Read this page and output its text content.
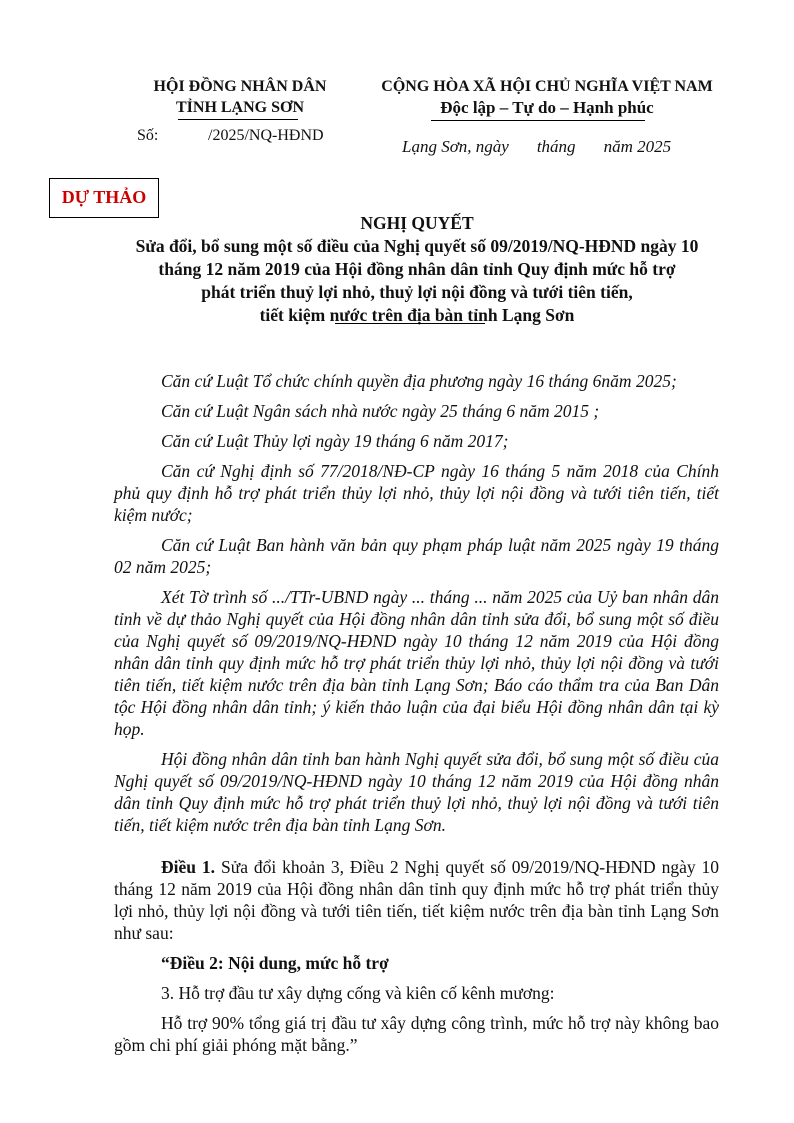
HỘI ĐỒNG NHÂN DÂN
TỈNH LẠNG SƠN
Số:	/2025/NQ-HĐND
CỘNG HÒA XÃ HỘI CHỦ NGHĨA VIỆT NAM
Độc lập – Tự do – Hạnh phúc
Lạng Sơn, ngày tháng năm 2025
DỰ THẢO
NGHỊ QUYẾT
Sửa đổi, bổ sung một số điều của Nghị quyết số 09/2019/NQ-HĐND ngày 10
tháng 12 năm 2019 của Hội đồng nhân dân tỉnh Quy định mức hỗ trợ
phát triển thuỷ lợi nhỏ, thuỷ lợi nội đồng và tưới tiên tiến,
tiết kiệm nước trên địa bàn tỉnh Lạng Sơn

Căn cứ Luật Tổ chức chính quyền địa phương ngày 16 tháng 6năm 2025;

Căn cứ Luật Ngân sách nhà nước ngày 25 tháng 6 năm 2015 ;

Căn cứ Luật Thủy lợi ngày 19 tháng 6 năm 2017;

Căn cứ Nghị định số 77/2018/NĐ-CP ngày 16 tháng 5 năm 2018 của Chính phủ quy định hỗ trợ phát triển thủy lợi nhỏ, thủy lợi nội đồng và tưới tiên tiến, tiết kiệm nước;

Căn cứ Luật Ban hành văn bản quy phạm pháp luật năm 2025 ngày 19 tháng 02 năm 2025;

Xét Tờ trình số .../TTr-UBND ngày ... tháng ... năm 2025 của Uỷ ban nhân dân tỉnh về dự thảo Nghị quyết của Hội đồng nhân dân tỉnh sửa đổi, bổ sung một số điều của Nghị quyết số 09/2019/NQ-HĐND ngày 10 tháng 12 năm 2019 của Hội đồng nhân dân tỉnh quy định mức hỗ trợ phát triển thủy lợi nhỏ, thủy lợi nội đồng và tưới tiên tiến, tiết kiệm nước trên địa bàn tỉnh Lạng Sơn; Báo cáo thẩm tra của Ban Dân tộc Hội đồng nhân dân tỉnh; ý kiến thảo luận của đại biểu Hội đồng nhân dân tại kỳ họp.

Hội đồng nhân dân tỉnh ban hành Nghị quyết sửa đổi, bổ sung một số điều của Nghị quyết số 09/2019/NQ-HĐND ngày 10 tháng 12 năm 2019 của Hội đồng nhân dân tỉnh Quy định mức hỗ trợ phát triển thuỷ lợi nhỏ, thuỷ lợi nội đồng và tưới tiên tiến, tiết kiệm nước trên địa bàn tỉnh Lạng Sơn.

Điều 1. Sửa đổi khoản 3, Điều 2 Nghị quyết số 09/2019/NQ-HĐND ngày 10 tháng 12 năm 2019 của Hội đồng nhân dân tỉnh quy định mức hỗ trợ phát triển thủy lợi nhỏ, thủy lợi nội đồng và tưới tiên tiến, tiết kiệm nước trên địa bàn tỉnh Lạng Sơn như sau:

“Điều 2: Nội dung, mức hỗ trợ

3. Hỗ trợ đầu tư xây dựng cống và kiên cố kênh mương:

Hỗ trợ 90% tổng giá trị đầu tư xây dựng công trình, mức hỗ trợ này không bao gồm chi phí giải phóng mặt bằng.”
